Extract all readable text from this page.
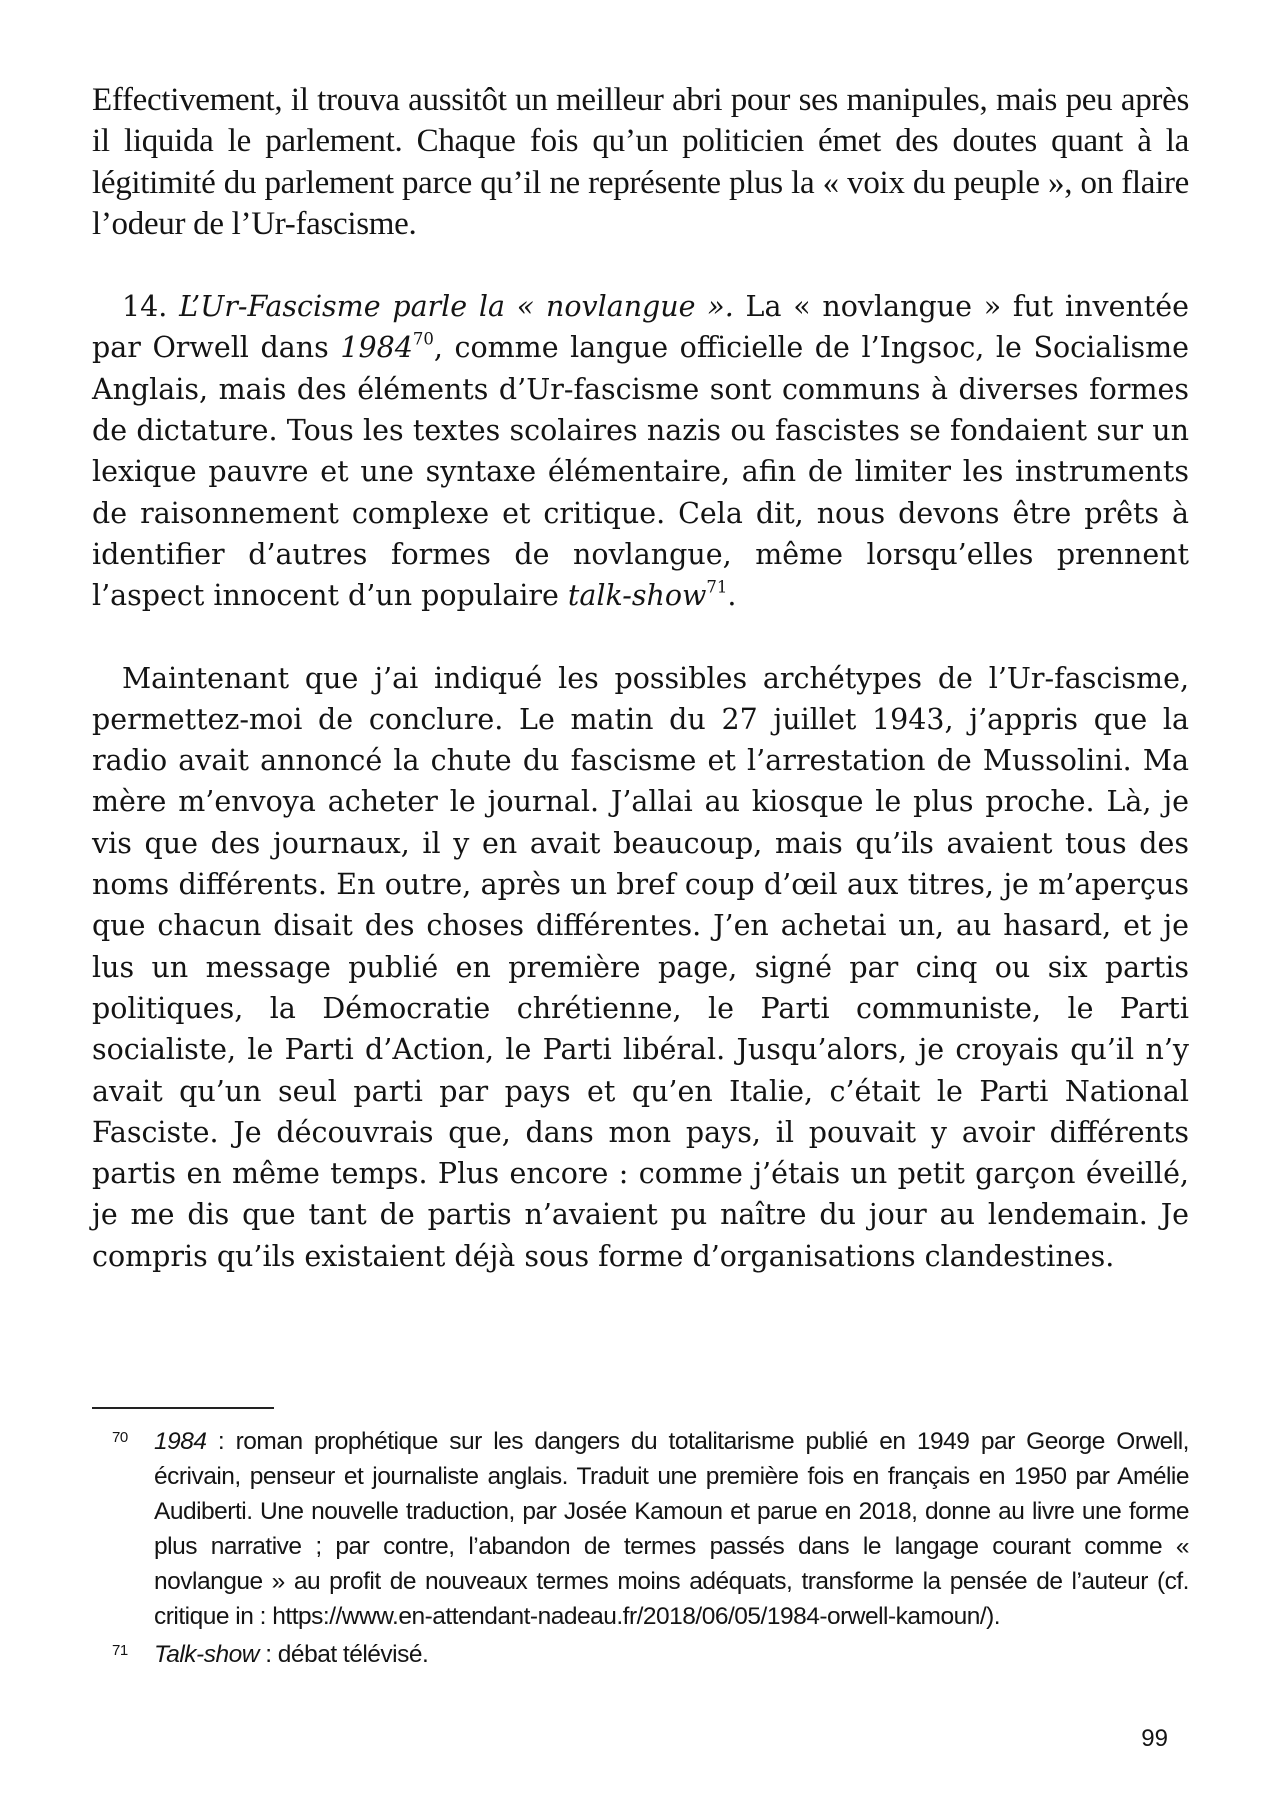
Effectivement, il trouva aussitôt un meilleur abri pour ses manipules, mais peu après il liquida le parlement. Chaque fois qu’un politicien émet des doutes quant à la légitimité du parlement parce qu’il ne représente plus la « voix du peuple », on flaire l’odeur de l’Ur-fascisme.

14. L’Ur-Fascisme parle la « novlangue ». La « novlangue » fut inventée par Orwell dans 1984$^{70}$, comme langue officielle de l’Ingsoc, le Socialisme Anglais, mais des éléments d’Ur-fascisme sont communs à diverses formes de dictature. Tous les textes scolaires nazis ou fascistes se fondaient sur un lexique pauvre et une syntaxe élémentaire, afin de limiter les instruments de raisonnement complexe et critique. Cela dit, nous devons être prêts à identifier d’autres formes de novlangue, même lorsqu’elles prennent l’aspect innocent d’un populaire talk-show$^{71}$.

Maintenant que j’ai indiqué les possibles archétypes de l’Ur-fascisme, permettez-moi de conclure. Le matin du 27 juillet 1943, j’appris que la radio avait annoncé la chute du fascisme et l’arrestation de Mussolini. Ma mère m’envoya acheter le journal. J’allai au kiosque le plus proche. Là, je vis que des journaux, il y en avait beaucoup, mais qu’ils avaient tous des noms différents. En outre, après un bref coup d’œil aux titres, je m’aperçus que chacun disait des choses différentes. J’en achetai un, au hasard, et je lus un message publié en première page, signé par cinq ou six partis politiques, la Démocratie chrétienne, le Parti communiste, le Parti socialiste, le Parti d’Action, le Parti libéral. Jusqu’alors, je croyais qu’il n’y avait qu’un seul parti par pays et qu’en Italie, c’était le Parti National Fasciste. Je découvrais que, dans mon pays, il pouvait y avoir différents partis en même temps. Plus encore : comme j’étais un petit garçon éveillé, je me dis que tant de partis n’avaient pu naître du jour au lendemain. Je compris qu’ils existaient déjà sous forme d’organisations clandestines.

70 1984 : roman prophétique sur les dangers du totalitarisme publié en 1949 par George Orwell, écrivain, penseur et journaliste anglais. Traduit une première fois en français en 1950 par Amélie Audiberti. Une nouvelle traduction, par Josée Kamoun et parue en 2018, donne au livre une forme plus narrative ; par contre, l’abandon de termes passés dans le langage courant comme « novlangue » au profit de nouveaux termes moins adéquats, transforme la pensée de l’auteur (cf. critique in : https://www.en-attendant-nadeau.fr/2018/06/05/1984-orwell-kamoun/).
71 Talk-show : débat télévisé.
99
